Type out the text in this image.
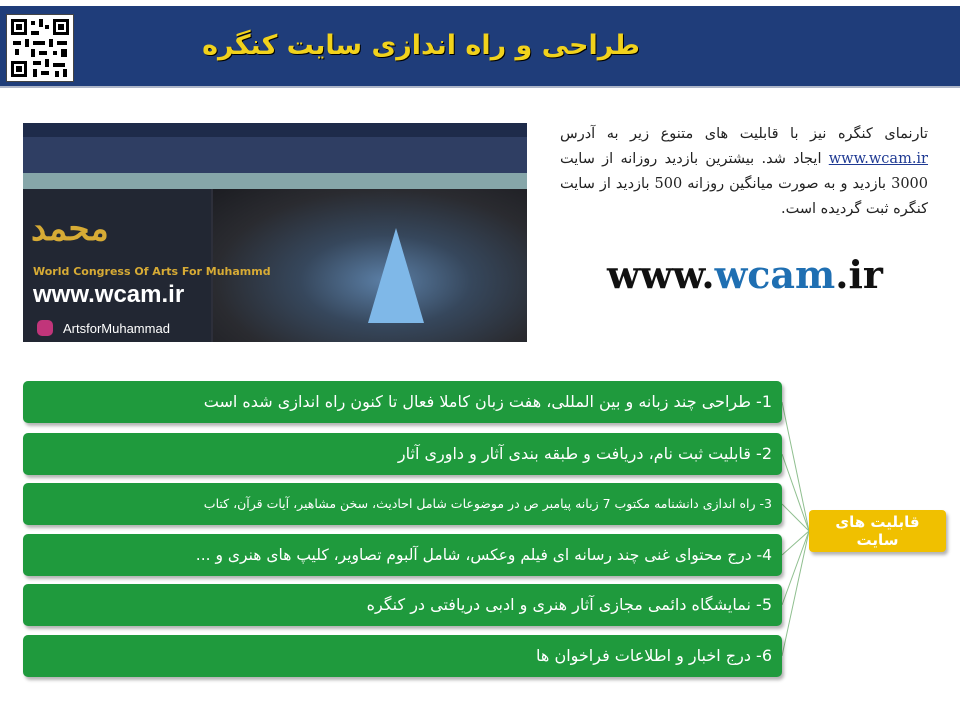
طراحی و راه اندازی سایت کنگره
محمد
World Congress Of Arts For Muhammd
www.wcam.ir
ArtsforMuhammad
تارنمای کنگره نیز با قابلیت های متنوع زیر به آدرس www.wcam.ir ایجاد شد. بیشترین بازدید روزانه از سایت 3000 بازدید و به صورت میانگین روزانه 500 بازدید از سایت کنگره ثبت گردیده است.
www.wcam.ir
1- طراحی چند زبانه و بین المللی، هفت زبان کاملا فعال تا کنون راه اندازی شده است
2- قابلیت ثبت نام، دریافت و طبقه بندی آثار و داوری آثار
3- راه اندازی دانشنامه مکتوب 7 زبانه پیامبر ص در موضوعات شامل احادیث، سخن مشاهیر، آیات قرآن، کتاب
4- درج محتوای غنی چند رسانه ای فیلم وعکس، شامل آلبوم تصاویر، کلیپ های هنری و ...
5- نمایشگاه دائمی مجازی آثار هنری و ادبی دریافتی در کنگره
6- درج اخبار و اطلاعات فراخوان ها
قابلیت های
سایت
